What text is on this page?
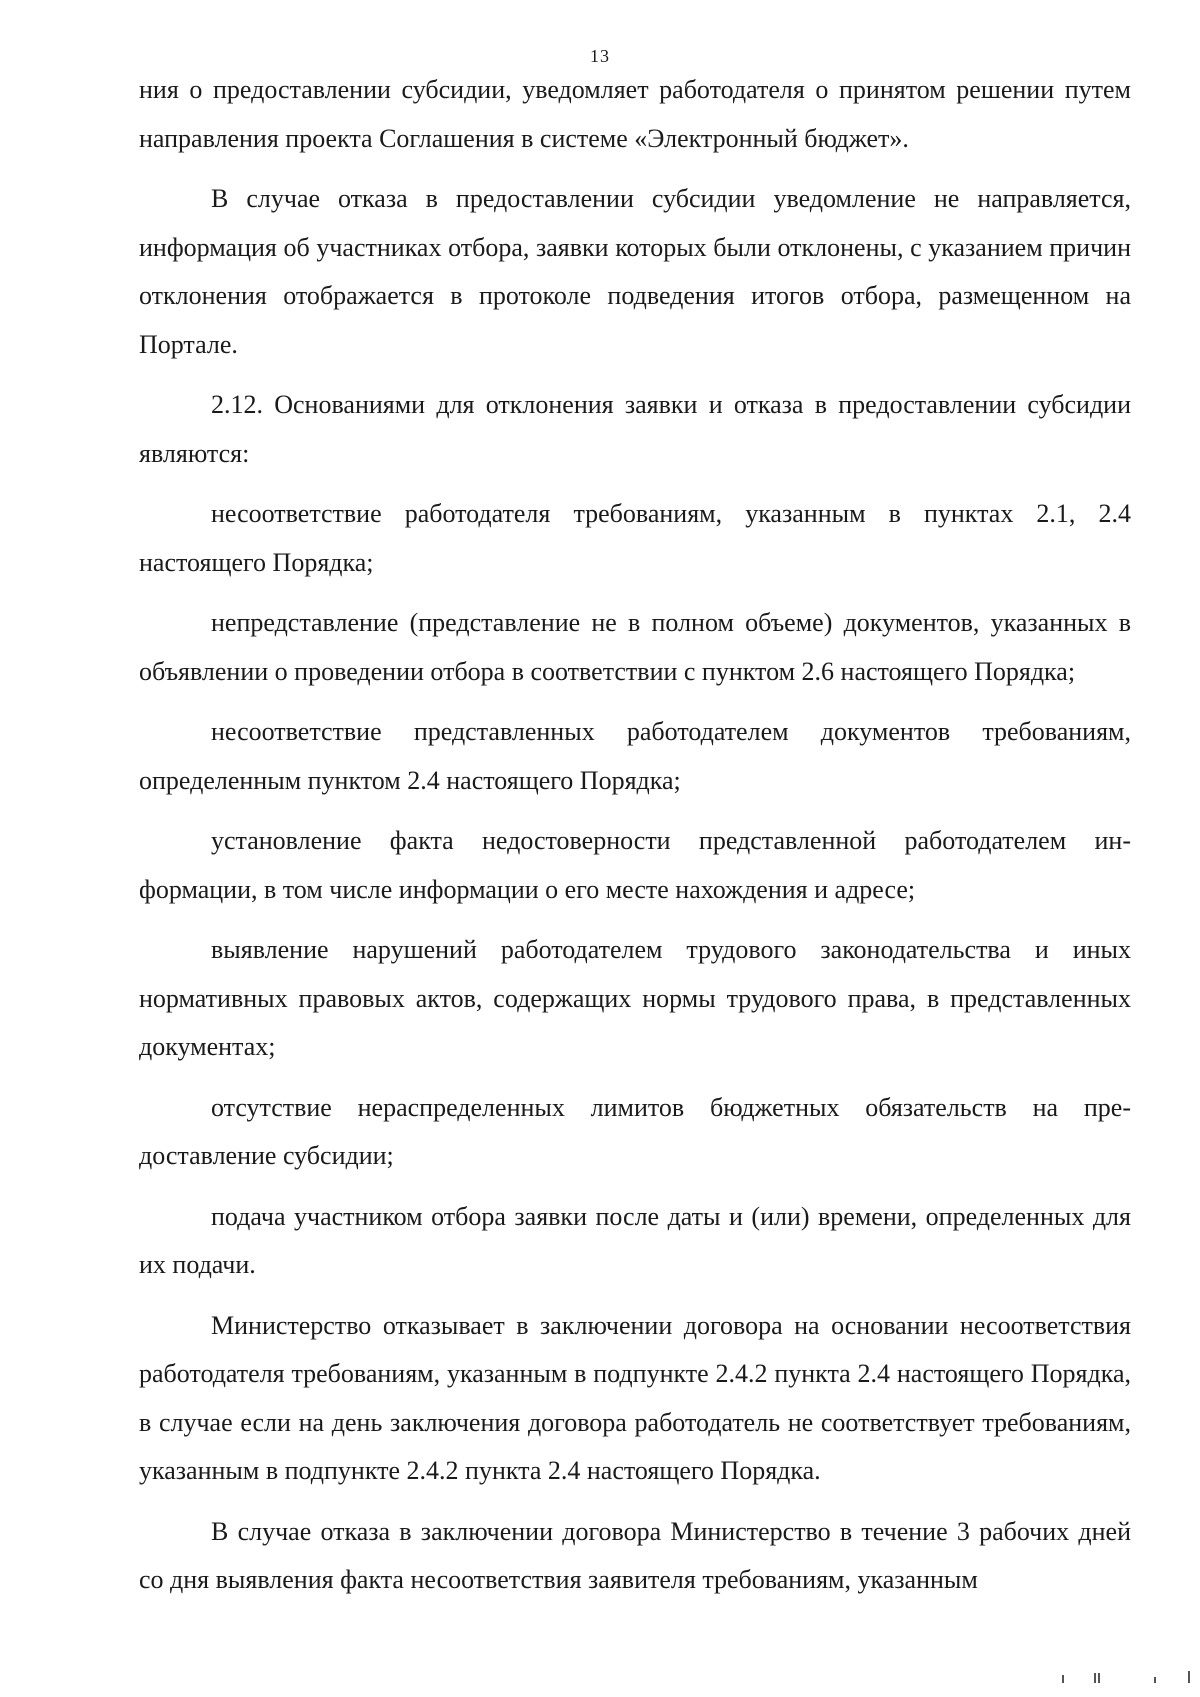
13

ния о предоставлении субсидии, уведомляет работодателя о принятом решении путем направления проекта Соглашения в системе «Электронный бюджет».

В случае отказа в предоставлении субсидии уведомление не направляется, информация об участниках отбора, заявки которых были отклонены, с указанием причин отклонения отображается в протоколе подведения итогов отбора, размещенном на Портале.

2.12. Основаниями для отклонения заявки и отказа в предоставлении субсидии являются:

несоответствие работодателя требованиям, указанным в пунктах 2.1, 2.4 настоящего Порядка;

непредставление (представление не в полном объеме) документов, указанных в объявлении о проведении отбора в соответствии с пунктом 2.6 настоящего Порядка;

несоответствие представленных работодателем документов требованиям, определенным пунктом 2.4 настоящего Порядка;

установление факта недостоверности представленной работодателем информации, в том числе информации о его месте нахождения и адресе;

выявление нарушений работодателем трудового законодательства и иных нормативных правовых актов, содержащих нормы трудового права, в представленных документах;

отсутствие нераспределенных лимитов бюджетных обязательств на предоставление субсидии;

подача участником отбора заявки после даты и (или) времени, определенных для их подачи.

Министерство отказывает в заключении договора на основании несоответствия работодателя требованиям, указанным в подпункте 2.4.2 пункта 2.4 настоящего Порядка, в случае если на день заключения договора работодатель не соответствует требованиям, указанным в подпункте 2.4.2 пункта 2.4 настоящего Порядка.

В случае отказа в заключении договора Министерство в течение 3 рабочих дней со дня выявления факта несоответствия заявителя требованиям, указанным
